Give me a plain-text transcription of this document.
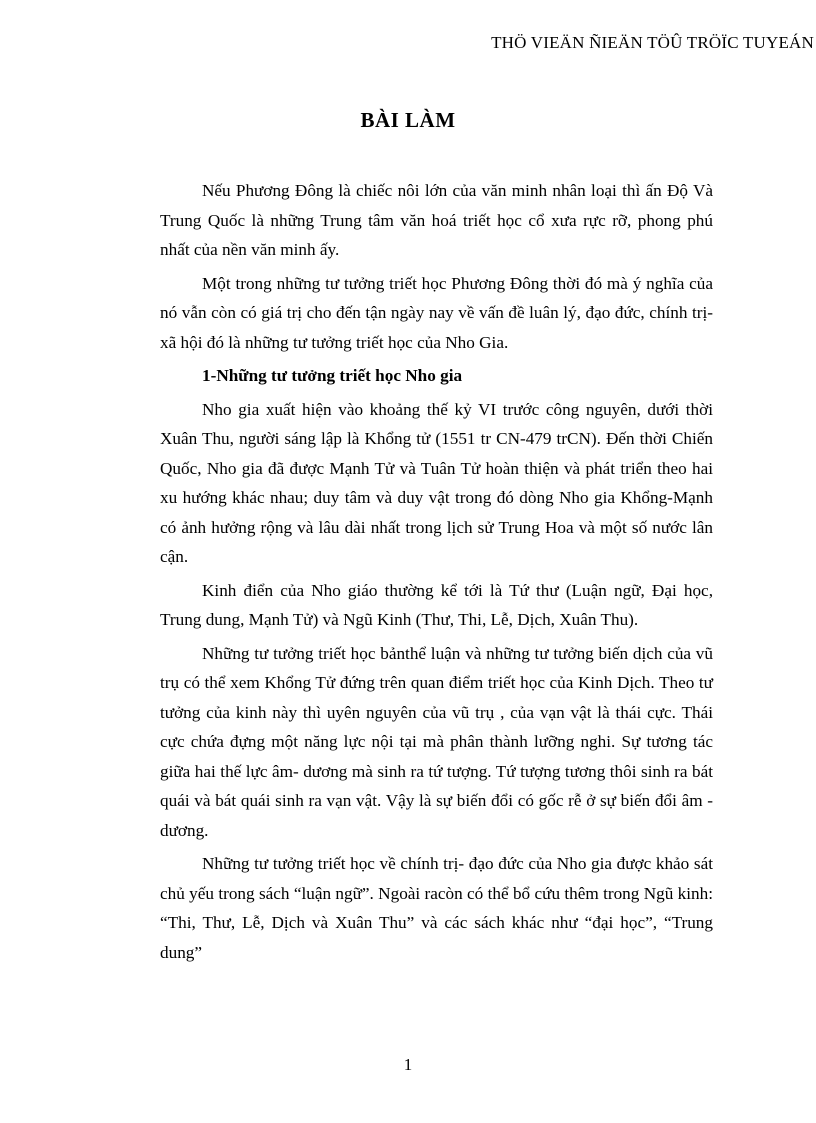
THÖ VIEÄN ÑIEÄN TÖÛ TRÖÏC TUYEÁN
BÀI LÀM

Nếu Phương Đông là chiếc nôi lớn của văn minh nhân loại thì ấn Độ Và Trung Quốc là những Trung tâm văn hoá triết học cổ xưa rực rỡ, phong phú nhất của nền văn minh ấy.

Một trong những tư tưởng triết học Phương Đông thời đó mà ý nghĩa của nó vẫn còn có giá trị cho đến tận ngày nay về vấn đề luân lý, đạo đức, chính trị- xã hội đó là những tư tưởng triết học của Nho Gia.

1-Những tư tưởng triết học Nho gia

Nho gia xuất hiện vào khoảng thế kỷ VI trước công nguyên, dưới thời Xuân Thu, người sáng lập là Khổng tử (1551 tr CN-479 trCN). Đến thời Chiến Quốc, Nho gia đã được Mạnh Tử và Tuân Tử hoàn thiện và phát triển theo hai xu hướng khác nhau; duy tâm và duy vật trong đó dòng Nho gia Khổng-Mạnh có ảnh hưởng rộng và lâu dài nhất trong lịch sử Trung Hoa và một số nước lân cận.

Kinh điển của Nho giáo thường kể tới là Tứ thư (Luận ngữ, Đại học, Trung dung, Mạnh Tử) và Ngũ Kinh (Thư, Thi, Lễ, Dịch, Xuân Thu).

Những tư tưởng triết học bảnthể luận và những tư tưởng biến dịch của vũ trụ có thể xem Khổng Tử đứng trên quan điểm triết học của Kinh Dịch. Theo tư tưởng của kinh này thì uyên nguyên của vũ trụ , của vạn vật là thái cực. Thái cực chứa đựng một năng lực nội tại mà phân thành lưỡng nghi. Sự tương tác giữa hai thế lực âm- dương mà sinh ra tứ tượng. Tứ tượng tương thôi sinh ra bát quái và bát quái sinh ra vạn vật. Vậy là sự biến đổi có gốc rễ ở sự biến đổi âm -dương.

Những tư tưởng triết học về chính trị- đạo đức của Nho gia được khảo sát chủ yếu trong sách “luận ngữ”. Ngoài racòn có thể bổ cứu thêm trong Ngũ kinh: “Thi, Thư, Lễ, Dịch và Xuân Thu” và các sách khác như “đại học”, “Trung dung”

1
